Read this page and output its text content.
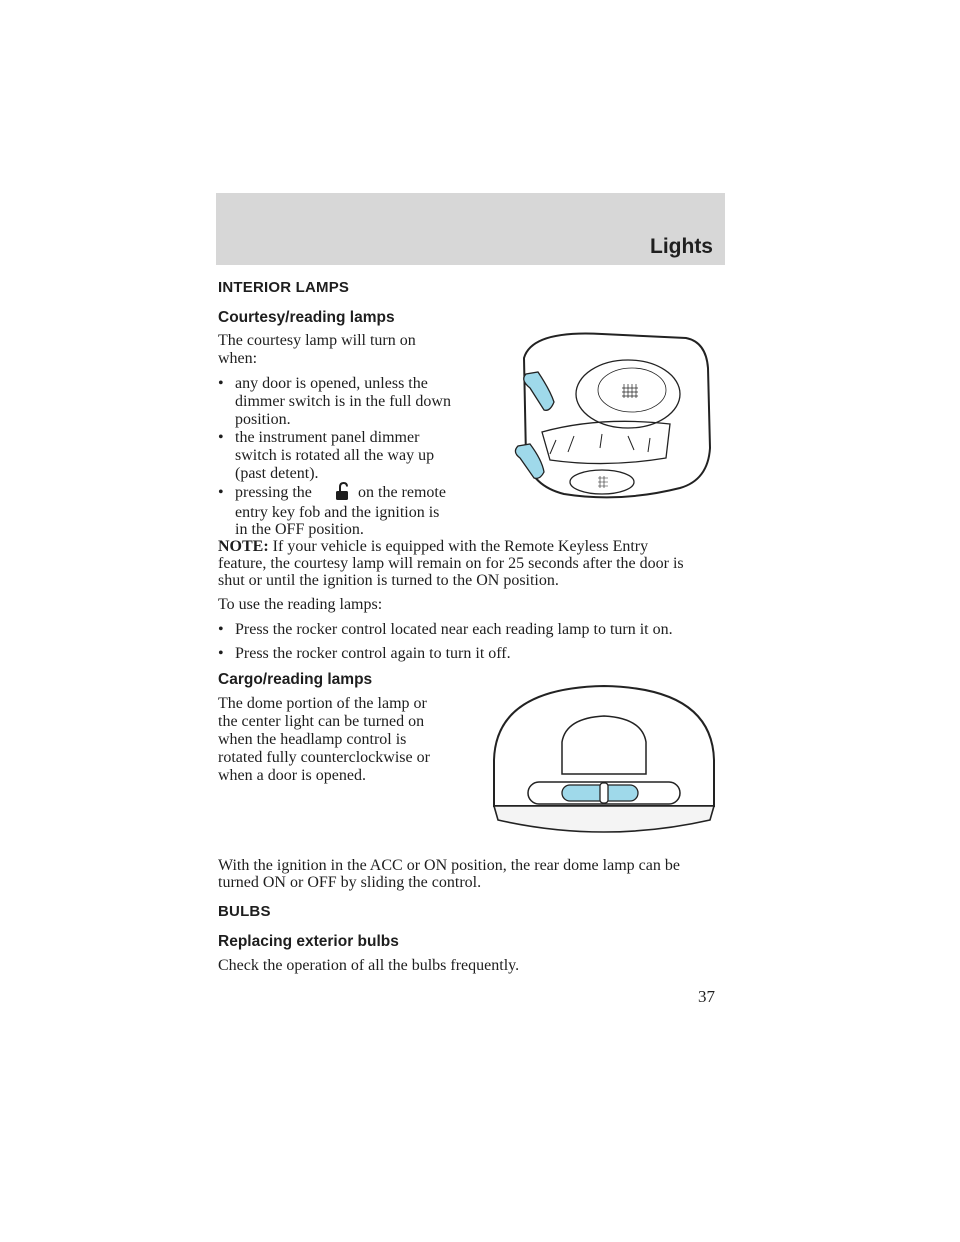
Lights
INTERIOR LAMPS
Courtesy/reading lamps
The courtesy lamp will turn on
when:
• any door is opened, unless the
dimmer switch is in the full down
position.
• the instrument panel dimmer
switch is rotated all the way up
(past detent).
• pressing the	on the remote
entry key fob and the ignition is
in the OFF position.
NOTE: If your vehicle is equipped with the Remote Keyless Entry
feature, the courtesy lamp will remain on for 25 seconds after the door is
shut or until the ignition is turned to the ON position.
To use the reading lamps:
• Press the rocker control located near each reading lamp to turn it on.
• Press the rocker control again to turn it off.
Cargo/reading lamps
The dome portion of the lamp or
the center light can be turned on
when the headlamp control is
rotated fully counterclockwise or
when a door is opened.
With the ignition in the ACC or ON position, the rear dome lamp can be
turned ON or OFF by sliding the control.
BULBS
Replacing exterior bulbs
Check the operation of all the bulbs frequently.
37
